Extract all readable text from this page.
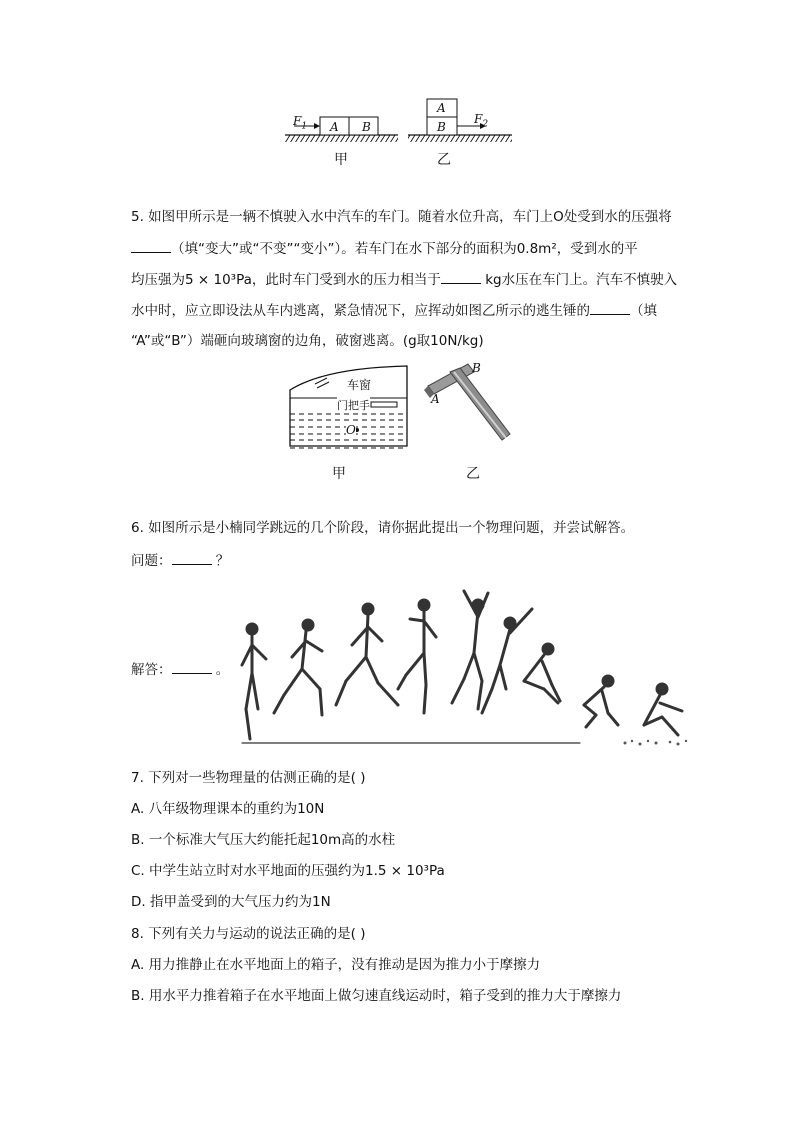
$F_1$ A B
A
B
$F_2$
甲	乙
5. 如图甲所示是一辆不慎驶入水中汽车的车门。随着水位升高，车门上O处受到水的压强将
（填“变大”或“不变”“变小”）。若车门在水下部分的面积为0.8m²，受到水的平
均压强为5 × 10³Pa，此时车门受到水的压力相当于	kg水压在车门上。汽车不慎驶入
水中时，应立即设法从车内逃离，紧急情况下，应挥动如图乙所示的逃生锤的	（填
“A”或“B”）端砸向玻璃窗的边角，破窗逃离。(g取10N/kg)
车窗
门把手
O
甲
A
B
乙
6. 如图所示是小楠同学跳远的几个阶段，请你据此提出一个物理问题，并尝试解答。
问题：	？
解答：	。
7. 下列对一些物理量的估测正确的是( )
A. 八年级物理课本的重约为10N
B. 一个标准大气压大约能托起10m高的水柱
C. 中学生站立时对水平地面的压强约为1.5 × 10³Pa
D. 指甲盖受到的大气压力约为1N
8. 下列有关力与运动的说法正确的是( )
A. 用力推静止在水平地面上的箱子，没有推动是因为推力小于摩擦力
B. 用水平力推着箱子在水平地面上做匀速直线运动时，箱子受到的推力大于摩擦力
